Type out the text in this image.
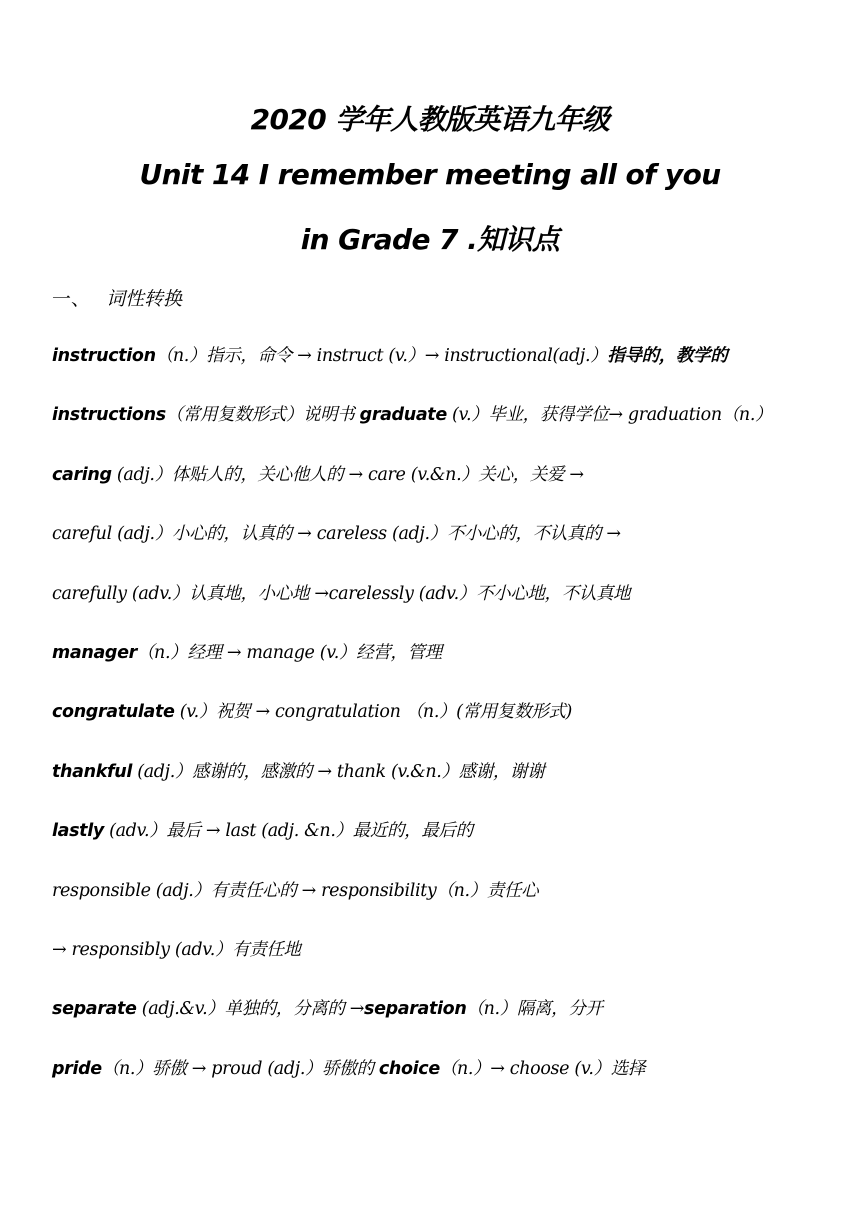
2020 学年人教版英语九年级
Unit 14 I remember meeting all of you
in Grade 7 .知识点
一、 词性转换
instruction（n.）指示，命令 → instruct (v.）→ instructional(adj.）指导的，教学的
instructions（常用复数形式）说明书 graduate (v.）毕业，获得学位→ graduation（n.）
caring (adj.）体贴人的，关心他人的 → care (v.&n.）关心，关爱 →
careful (adj.）小心的，认真的 → careless (adj.）不小心的，不认真的 →
carefully (adv.）认真地，小心地 →carelessly (adv.）不小心地，不认真地
manager（n.）经理 → manage (v.）经营，管理
congratulate (v.）祝贺 → congratulation （n.）(常用复数形式)
thankful (adj.）感谢的，感激的 → thank (v.&n.）感谢，谢谢
lastly (adv.）最后 → last (adj. &n.）最近的，最后的
responsible (adj.）有责任心的 → responsibility（n.）责任心
→ responsibly (adv.）有责任地
separate (adj.&v.）单独的，分离的 →separation（n.）隔离，分开
pride（n.）骄傲 → proud (adj.）骄傲的 choice（n.）→ choose (v.）选择
